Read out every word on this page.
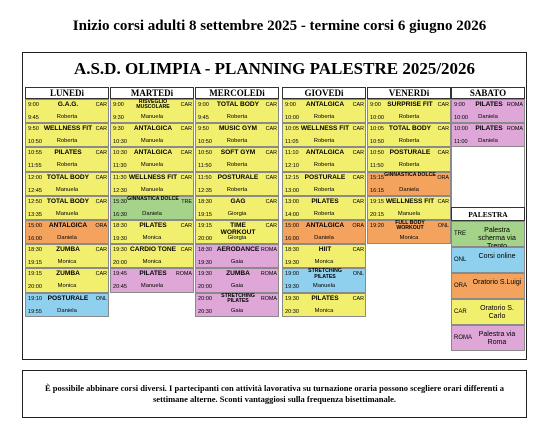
Inizio corsi adulti 8 settembre 2025 - termine corsi 6 giugno 2026
A.S.D. OLIMPIA - PLANNING PALESTRE 2025/2026
LUNEDi
9:00
9:45
G.A.G.	CAR
Roberta
9:50
10:50
WELLNESS FIT CAR
Roberta
10:55
11:55
PILATES	CAR
Roberta
12:00
12:45
TOTAL BODY	CAR
Manuela
12:50
13:35
TOTAL BODY	CAR
Manuela
15:00
16:00
ANTALGICA	ORA
Daniela
18:30
19:15
ZUMBA	CAR
Monica
19:15
20:00
ZUMBA	CAR
Monica
19:10
19:55
POSTURALE	ONL
Daniela
MARTEDi
9:00
9:30
RISVEGLIO MUSCOLARE	CAR
Manuela
9:30
10:30
ANTALGICA	CAR
Manuela
10:30
11:30
ANTALGICA	CAR
Manuela
11:30
12:30
WELLNESS FIT CAR
Manuela
15:30
16:30
GINNASTICA DOLCE TRE
Daniela
18:30
19:30
PILATES	CAR
Monica
19:30
20:00
CARDIO TONE CAR
Monica
19:45
20:45
PILATES	ROMA
Manuela
MERCOLEDi
9:00
9:45
TOTAL BODY	CAR
Roberta
9:50
10:50
MUSIC GYM	CAR
Roberta
10:50
11:50
SOFT GYM	CAR
Roberta
11:50
12:35
POSTURALE	CAR
Roberta
18:30
19:15
GAG	CAR
Giorgia
19:15
20:00
TIME WORKOUT
CAR
Giorgia
18:30
19:30
AERODANCE ROMA
Gaia
19:30
20:00
ZUMBA	ROMA
Gaia
20:00
20:30
STRETCHING PILATES	ROMA
Gaia
GIOVEDi
9:00
10:00
ANTALGICA	CAR
Roberta
10:05
11:05
WELLNESS FIT CAR
Roberta
11:10
12:10
ANTALGICA	CAR
Roberta
12:15
13:00
POSTURALE	CAR
Roberta
13:00
14:00
PILATES	CAR
Roberta
15:00
16:00
ANTALGICA	ORA
Daniela
18:30
19:30
HIIT	CAR
Monica
19:00
19:30
STRETCHING PILATES	ONL
Manuela
19:30
20:30
PILATES	CAR
Monica
VENERDi
9:00
10:00
SURPRISE FIT CAR
Roberta
10:05
10:50
TOTAL BODY	CAR
Roberta
10:50
11:50
POSTURALE	CAR
Roberta
15:15
16:15
GINNASTICA DOLCE ORA
Daniela
19:15
20:15
WELLNESS FIT CAR
Manuela
19:20	FULL BODY WORKOUT	ONL
Monica
SABATO
9:00
10:00
PILATES ROMA
Daniela
10:00
11:00
PILATES ROMA
Daniela
PALESTRA
TRE	Palestra scherma via
ONL	Corsi online
ORA Oratorio S.Luigi
CAR	Oratorio S. Carlo
ROMA Palestra via Roma
È possibile abbinare corsi diversi. I partecipanti con attività lavorativa su turnazione oraria possono scegliere orari differenti a settimane alterne. Sconti vantaggiosi sulla frequenza bisettimanale.
